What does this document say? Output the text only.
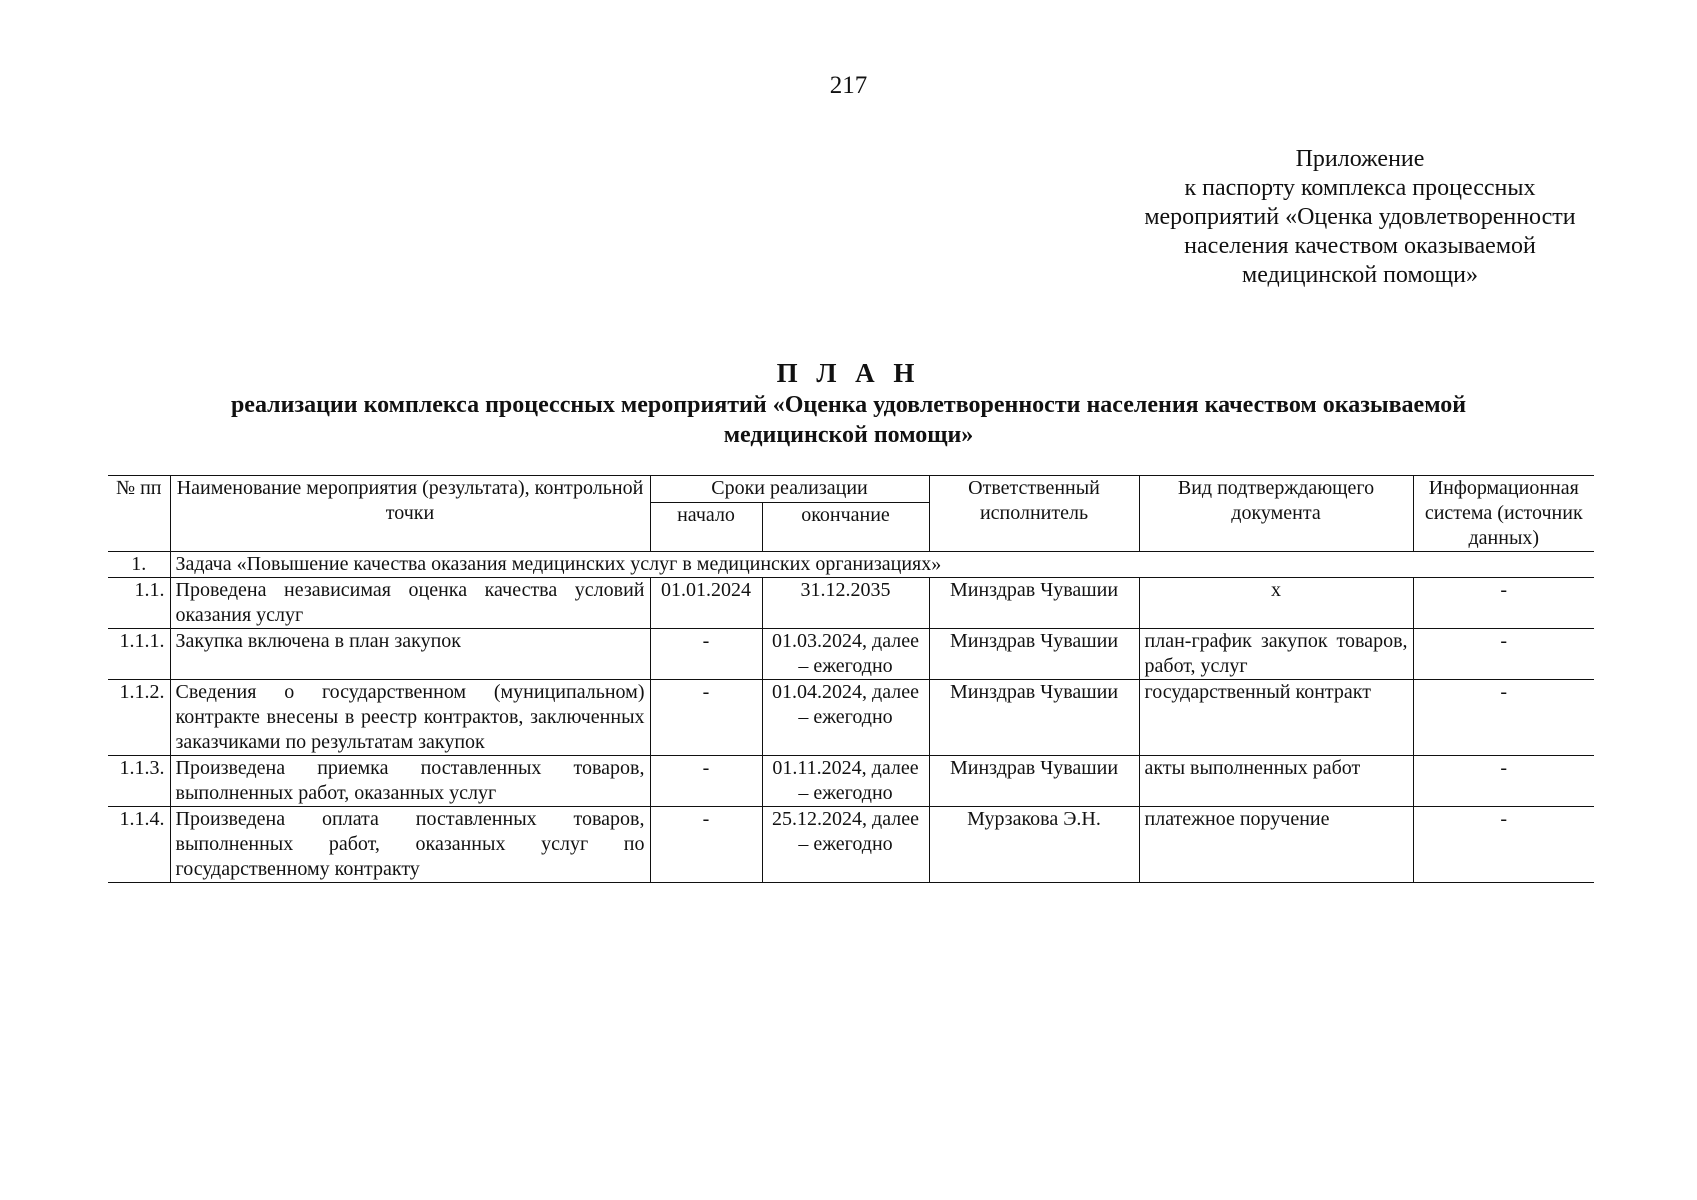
217
Приложение
к паспорту комплекса процессных
мероприятий «Оценка удовлетворенности
населения качеством оказываемой
медицинской помощи»
П Л А Н
реализации комплекса процессных мероприятий «Оценка удовлетворенности населения качеством оказываемой
медицинской помощи»
№ пп	Наименование мероприятия (результата), контрольной точки	Сроки реализации		Ответственный исполнитель	Вид подтверждающего документа	Информационная система (источник данных)
		начало	окончание			
1.	Задача «Повышение качества оказания медицинских услуг в медицинских организациях»					
1.1.	Проведена независимая оценка качества условий оказания услуг	01.01.2024	31.12.2035	Минздрав Чувашии	х	-
1.1.1.	Закупка включена в план закупок	-	01.03.2024, далее – ежегодно	Минздрав Чувашии	план-график закупок товаров, работ, услуг	-
1.1.2.	Сведения о государственном (муниципальном) контракте внесены в реестр контрактов, заключенных заказчиками по результатам закупок	-	01.04.2024, далее – ежегодно	Минздрав Чувашии	государственный контракт	-
1.1.3.	Произведена приемка поставленных товаров, выполненных работ, оказанных услуг	-	01.11.2024, далее – ежегодно	Минздрав Чувашии	акты выполненных работ	-
1.1.4.	Произведена оплата поставленных товаров, выполненных работ, оказанных услуг по государственному контракту	-	25.12.2024, далее – ежегодно	Мурзакова Э.Н.	платежное поручение	-
